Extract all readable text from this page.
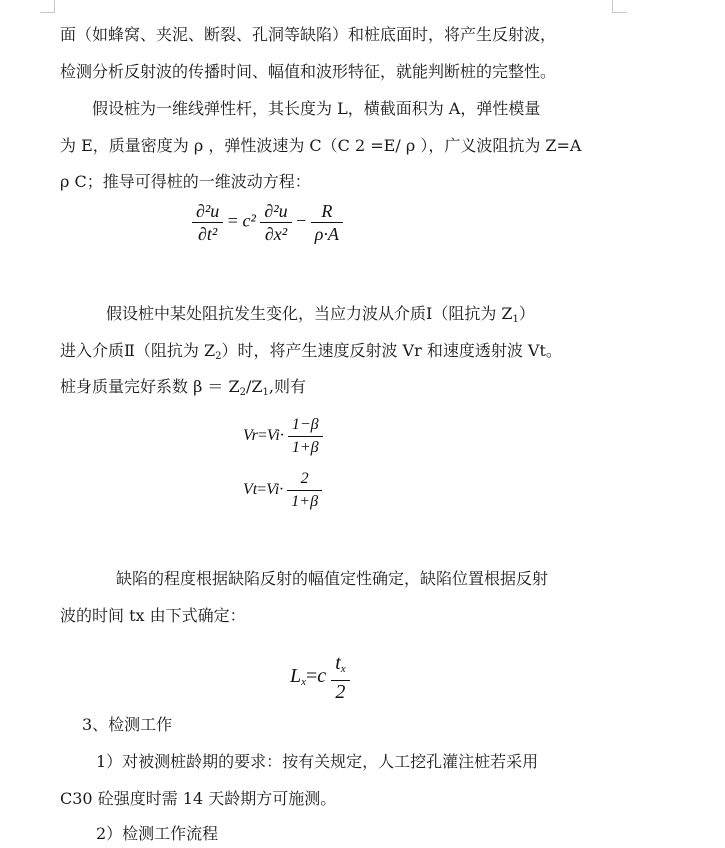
面（如蜂窝、夹泥、断裂、孔洞等缺陷）和桩底面时，将产生反射波，
检测分析反射波的传播时间、幅值和波形特征，就能判断桩的完整性。
假设桩为一维线弹性杆，其长度为 L，横截面积为 A，弹性模量
为 E，质量密度为 ρ ，弹性波速为 C（C 2 =E/ ρ ），广义波阻抗为 Z=A
ρ C；推导可得桩的一维波动方程：
$\frac{\text{∂²u}}{\text{∂t²}} = c^2 \frac{\text{∂²u}}{\text{∂x²}} - \frac{R}{\rho\cdot A}$
假设桩中某处阻抗发生变化，当应力波从介质Ⅰ（阻抗为 $Z_1$）
进入介质Ⅱ（阻抗为 $Z_2$）时，将产生速度反射波 Vr 和速度透射波 Vt。
桩身质量完好系数 $\beta = Z_2/Z_1$,则有
$Vr=Vi\cdot \frac{1-\beta}{1+\beta}$
$Vt=Vi\cdot \frac{2}{1+\beta}$
缺陷的程度根据缺陷反射的幅值定性确定，缺陷位置根据反射
波的时间 tx 由下式确定：
$Lx=c \frac{tx}{2}$
3、检测工作
1）对被测桩龄期的要求：按有关规定，人工挖孔灌注桩若采用
C30 砼强度时需 14 天龄期方可施测。
2）检测工作流程
